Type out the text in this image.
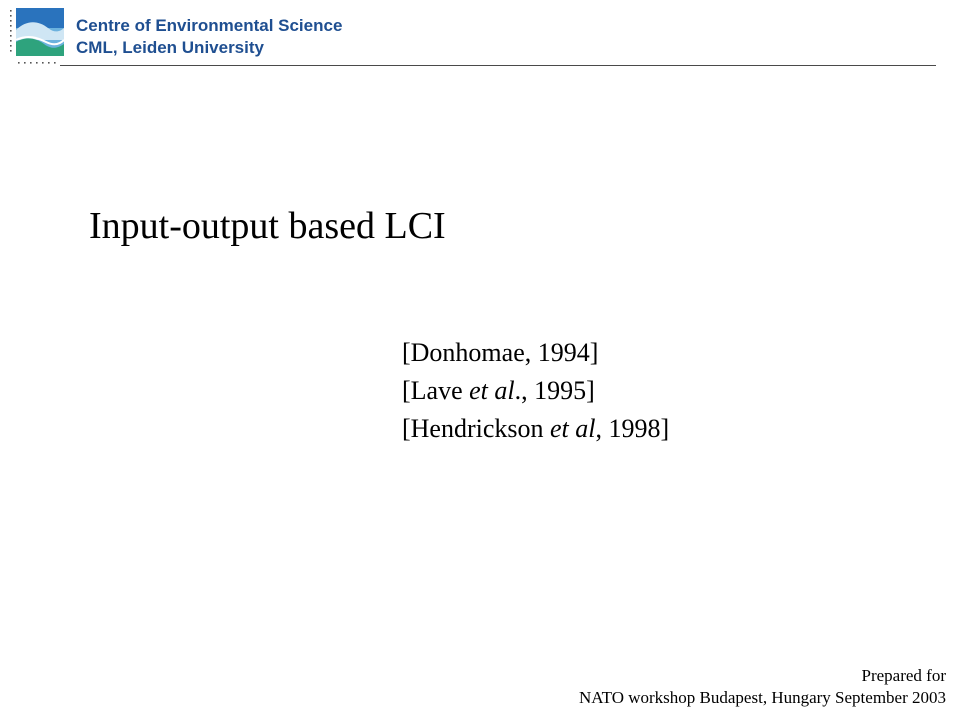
Centre of Environmental Science
CML, Leiden University
Input-output based LCI
[Donhomae, 1994]
[Lave et al., 1995]
[Hendrickson et al, 1998]
Prepared for
NATO workshop Budapest, Hungary September 2003
